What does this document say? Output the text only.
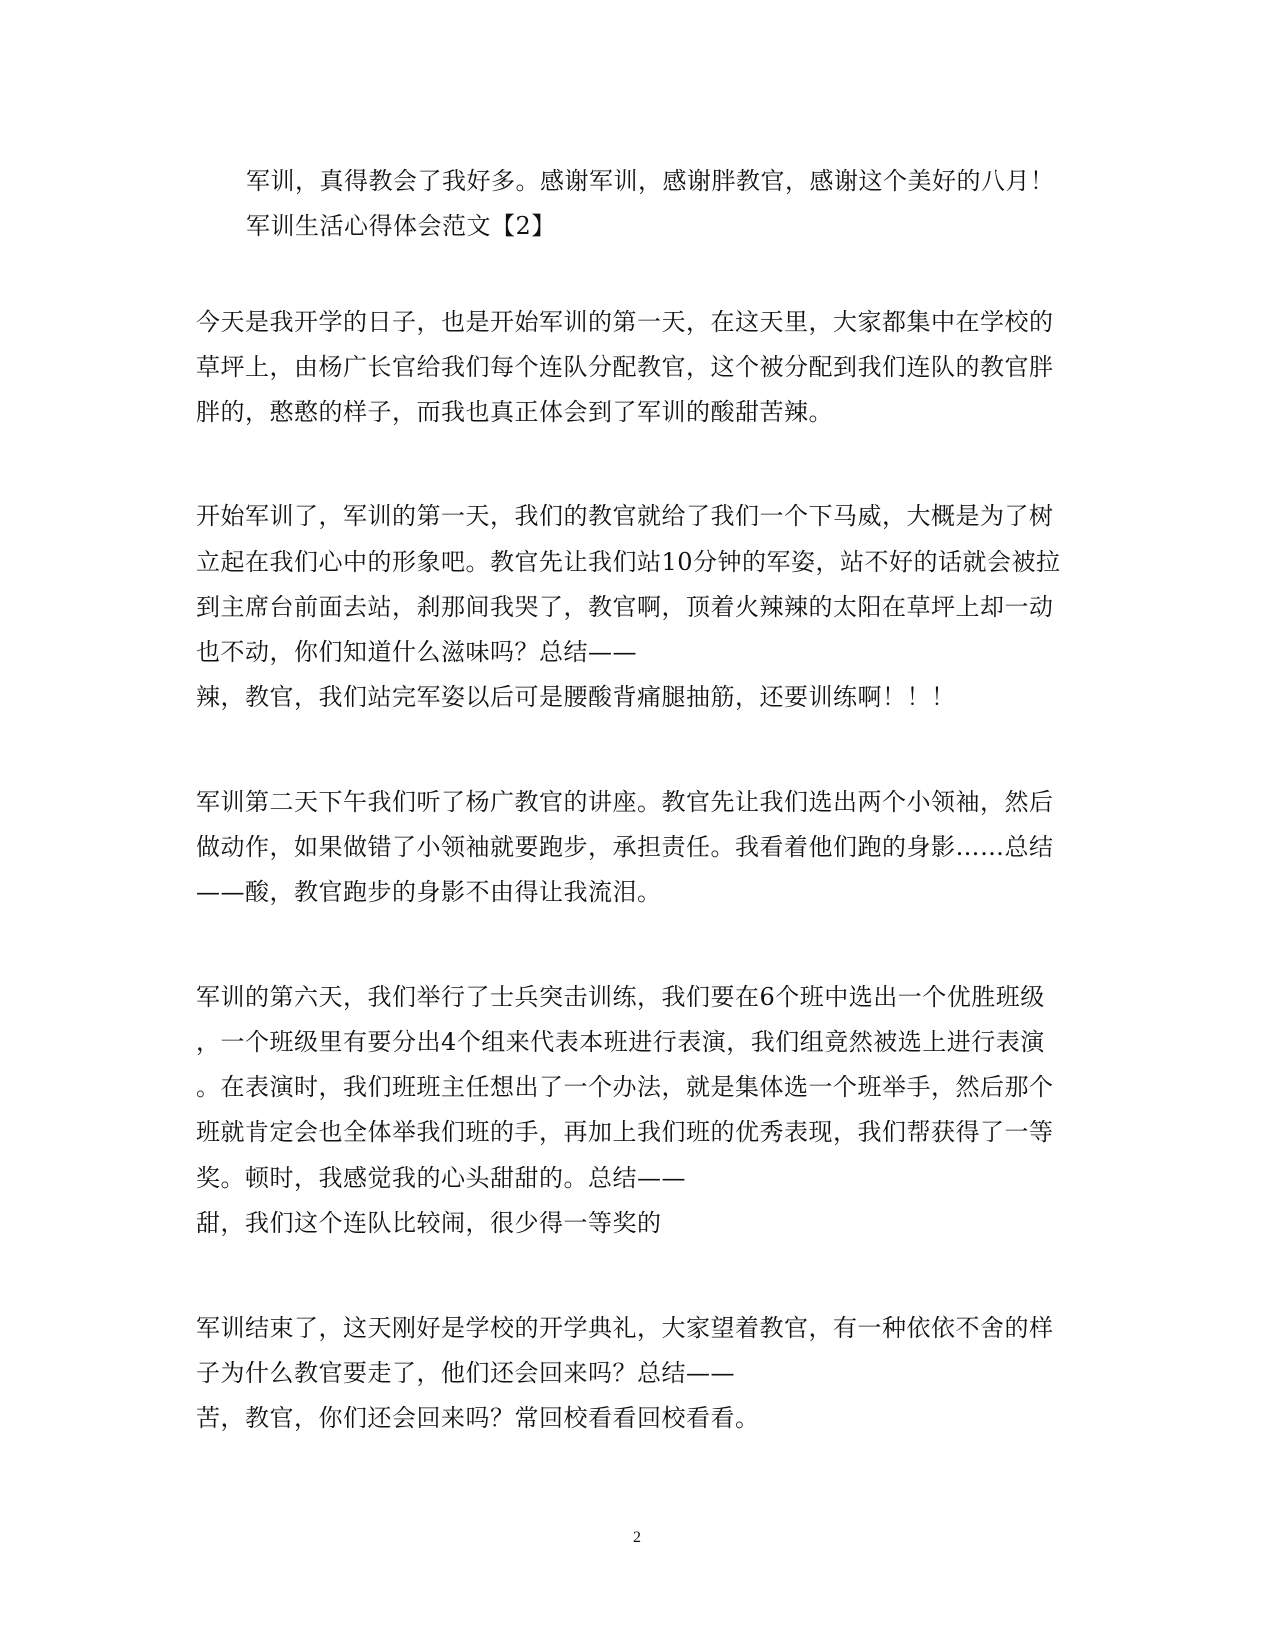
军训，真得教会了我好多。感谢军训，感谢胖教官，感谢这个美好的八月！
军训生活心得体会范文【2】
今天是我开学的日子，也是开始军训的第一天，在这天里，大家都集中在学校的
草坪上，由杨广长官给我们每个连队分配教官，这个被分配到我们连队的教官胖
胖的，憨憨的样子，而我也真正体会到了军训的酸甜苦辣。
开始军训了，军训的第一天，我们的教官就给了我们一个下马威，大概是为了树
立起在我们心中的形象吧。教官先让我们站10分钟的军姿，站不好的话就会被拉
到主席台前面去站，刹那间我哭了，教官啊，顶着火辣辣的太阳在草坪上却一动
也不动，你们知道什么滋味吗？总结——
辣，教官，我们站完军姿以后可是腰酸背痛腿抽筋，还要训练啊！！！
军训第二天下午我们听了杨广教官的讲座。教官先让我们选出两个小领袖，然后
做动作，如果做错了小领袖就要跑步，承担责任。我看着他们跑的身影……总结
——酸，教官跑步的身影不由得让我流泪。
军训的第六天，我们举行了士兵突击训练，我们要在6个班中选出一个优胜班级
，一个班级里有要分出4个组来代表本班进行表演，我们组竟然被选上进行表演
。在表演时，我们班班主任想出了一个办法，就是集体选一个班举手，然后那个
班就肯定会也全体举我们班的手，再加上我们班的优秀表现，我们帮获得了一等
奖。顿时，我感觉我的心头甜甜的。总结——
甜，我们这个连队比较闹，很少得一等奖的
军训结束了，这天刚好是学校的开学典礼，大家望着教官，有一种依依不舍的样
子为什么教官要走了，他们还会回来吗？总结——
苦，教官，你们还会回来吗？常回校看看回校看看。
2
